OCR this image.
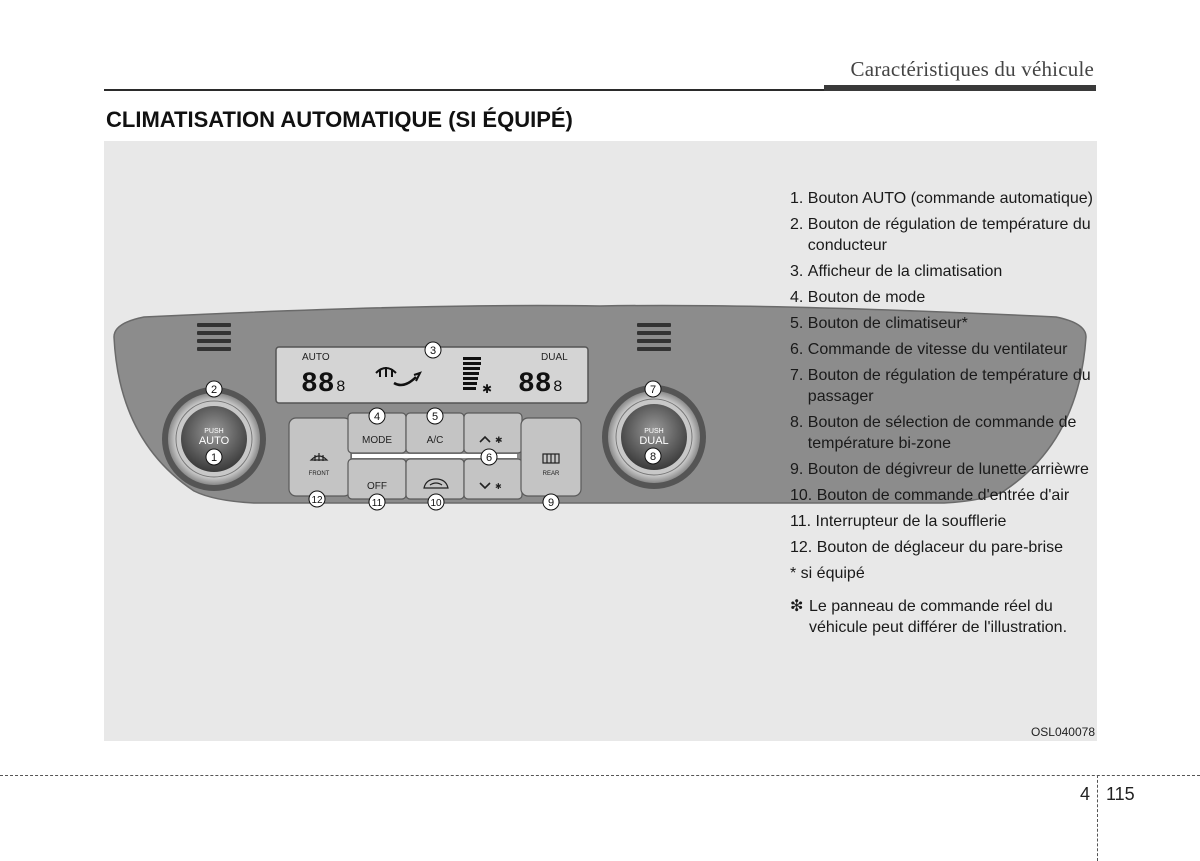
Caractéristiques du véhicule
CLIMATISATION AUTOMATIQUE (SI ÉQUIPÉ)
AUTO	DUAL
88 8	88 8
✱
PUSH
AUTO
PUSH
DUAL
MODE	A/C
OFF
FRONT	REAR
✱
✱
1
2
3
4	5
6
7
8
9
10
11
12
1. Bouton AUTO (commande automatique)
2. Bouton de régulation de température du conducteur
3. Afficheur de la climatisation
4. Bouton de mode
5. Bouton de climatiseur*
6. Commande de vitesse du ventilateur
7. Bouton de régulation de température du passager
8. Bouton de sélection de commande de température bi-zone
9. Bouton de dégivreur de lunette arrièwre
10. Bouton de commande d'entrée d'air
11. Interrupteur de la soufflerie
12. Bouton de déglaceur du pare-brise
* si équipé
❇ Le panneau de commande réel du véhicule peut différer de l'illustration.
OSL040078
4 115
